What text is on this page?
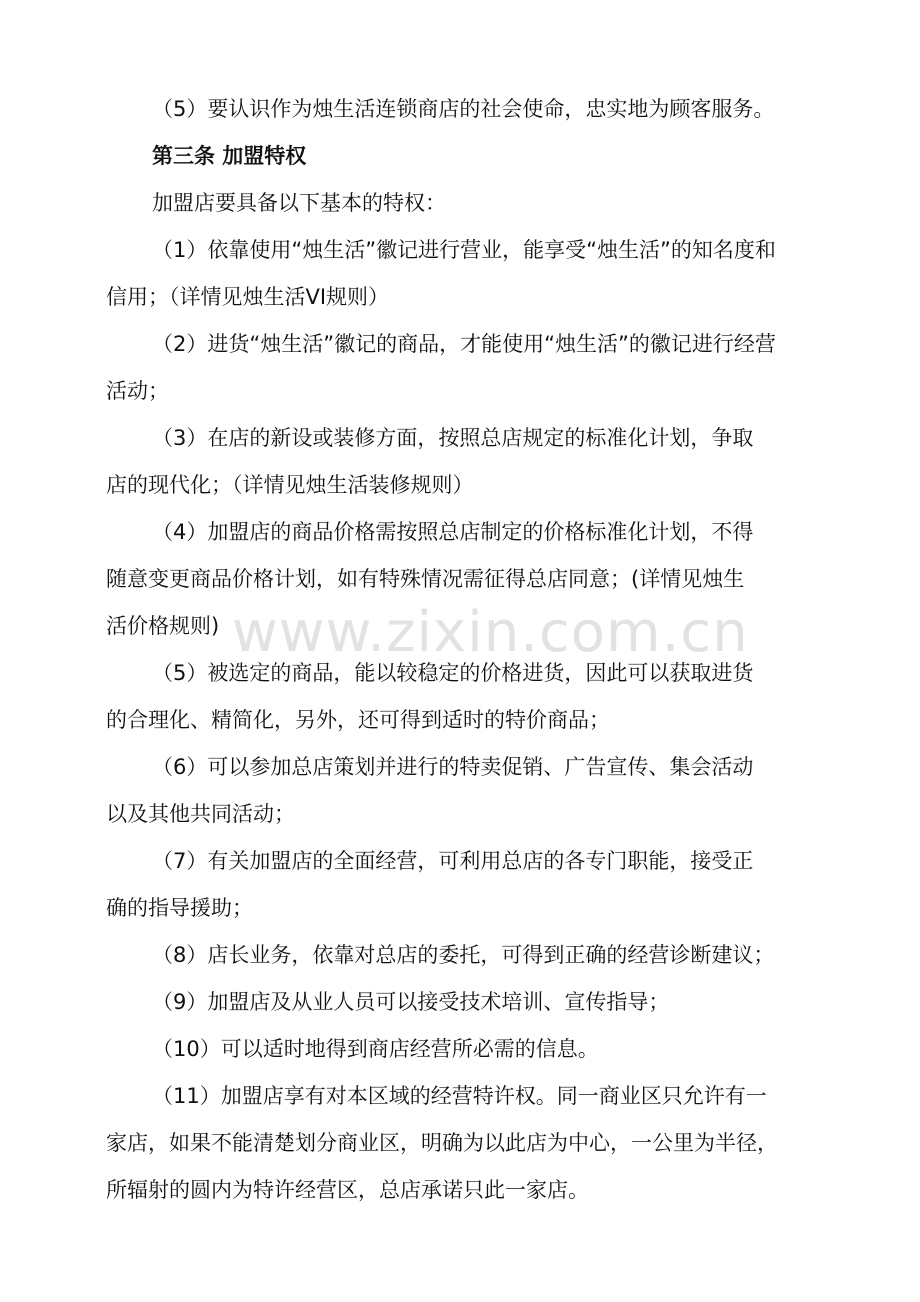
（5）要认识作为烛生活连锁商店的社会使命，忠实地为顾客服务。
第三条 加盟特权
加盟店要具备以下基本的特权：
（1）依靠使用“烛生活”徽记进行营业，能享受“烛生活”的知名度和
信用；（详情见烛生活VI规则）
（2）进货“烛生活”徽记的商品，才能使用“烛生活”的徽记进行经营
活动；
（3）在店的新设或装修方面，按照总店规定的标准化计划，争取
店的现代化；（详情见烛生活装修规则）
（4）加盟店的商品价格需按照总店制定的价格标准化计划，不得
随意变更商品价格计划，如有特殊情况需征得总店同意；(详情见烛生
活价格规则)
（5）被选定的商品，能以较稳定的价格进货，因此可以获取进货
的合理化、精简化，另外，还可得到适时的特价商品；
（6）可以参加总店策划并进行的特卖促销、广告宣传、集会活动
以及其他共同活动；
（7）有关加盟店的全面经营，可利用总店的各专门职能，接受正
确的指导援助；
（8）店长业务，依靠对总店的委托，可得到正确的经营诊断建议；
（9）加盟店及从业人员可以接受技术培训、宣传指导；
（10）可以适时地得到商店经营所必需的信息。
（11）加盟店享有对本区域的经营特许权。同一商业区只允许有一
家店，如果不能清楚划分商业区，明确为以此店为中心，一公里为半径，
所辐射的圆内为特许经营区，总店承诺只此一家店。
www.zixin.com.cn
